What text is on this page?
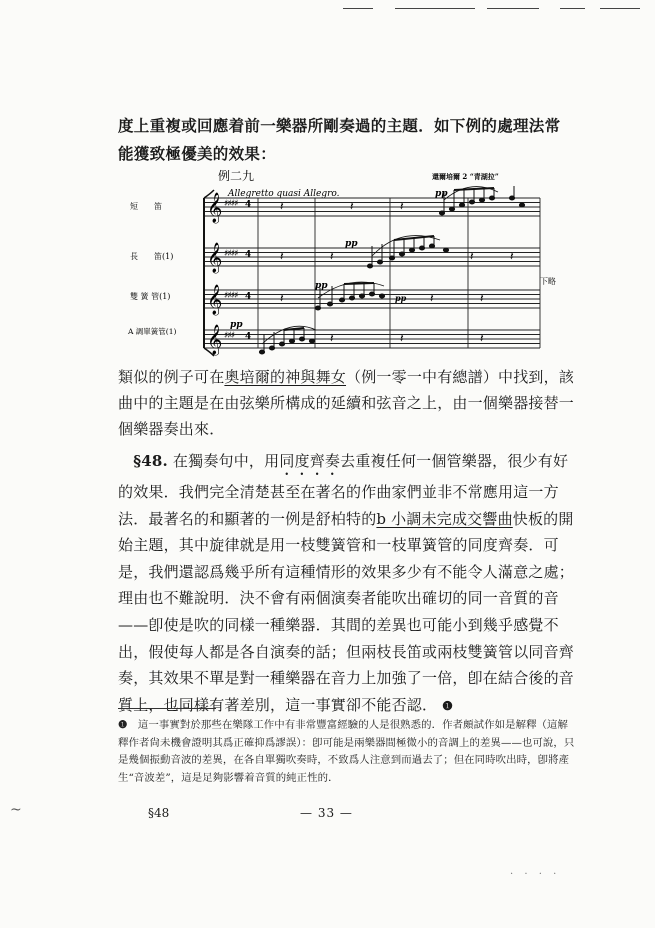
度上重複或回應着前一樂器所剛奏過的主題．如下例的處理法常能獲致極優美的效果：

例二九	還爾培爾 2 “青湖拉”
Allegretto quasi Allegro.
短　　笛
長　　笛(1)
雙 簧 管(1)
A 調單簧管(1)
𝄞
𝄞
𝄞
𝄞
♯♯♯♯
♯♯♯♯
♯♯♯♯
♯♯♯
4
4
4
4
pp
pp
pp
pp
pp
下略
𝄽	𝄽	𝄽
𝄽	𝄽	𝄽	𝄽
𝄽	𝄽	𝄽
𝄽	𝄽	𝄽

類似的例子可在奧培爾的神與舞女（例一零一中有總譜）中找到，該曲中的主題是在由弦樂所構成的延續和弦音之上，由一個樂器接替一個樂器奏出來．

　§48. 在獨奏句中，用同度齊奏去重複任何一個管樂器，很少有好的效果．我們完全清楚甚至在著名的作曲家們並非不常應用這一方法．最著名的和顯著的一例是舒柏特的b 小調未完成交響曲快板的開始主題，其中旋律就是用一枝雙簧管和一枝單簧管的同度齊奏．可是，我們還認爲幾乎所有這種情形的效果多少有不能令人滿意之處；理由也不難說明．決不會有兩個演奏者能吹出確切的同一音質的音——卽使是吹的同樣一種樂器．其間的差異也可能小到幾乎感覺不出，假使每人都是各自演奏的話；但兩枝長笛或兩枝雙簧管以同音齊奏，其效果不單是對一種樂器在音力上加強了一倍，卽在結合後的音質上，也同樣有著差別，這一事實卻不能否認． ❶

❶　 這一事實對於那些在樂隊工作中有非常豐富經驗的人是很熟悉的．作者頗試作如是解釋（這解釋作者尙未機會證明其爲正確抑爲謬誤）：卽可能是兩樂器間極微小的音調上的差異——也可說，只是幾個振動音波的差異，在各自單獨吹奏時，不致爲人注意到而過去了；但在同時吹出時，卽將產生“音波差”，這是足夠影響着音質的純正性的．

§48	— 33 —
~
. . . .
